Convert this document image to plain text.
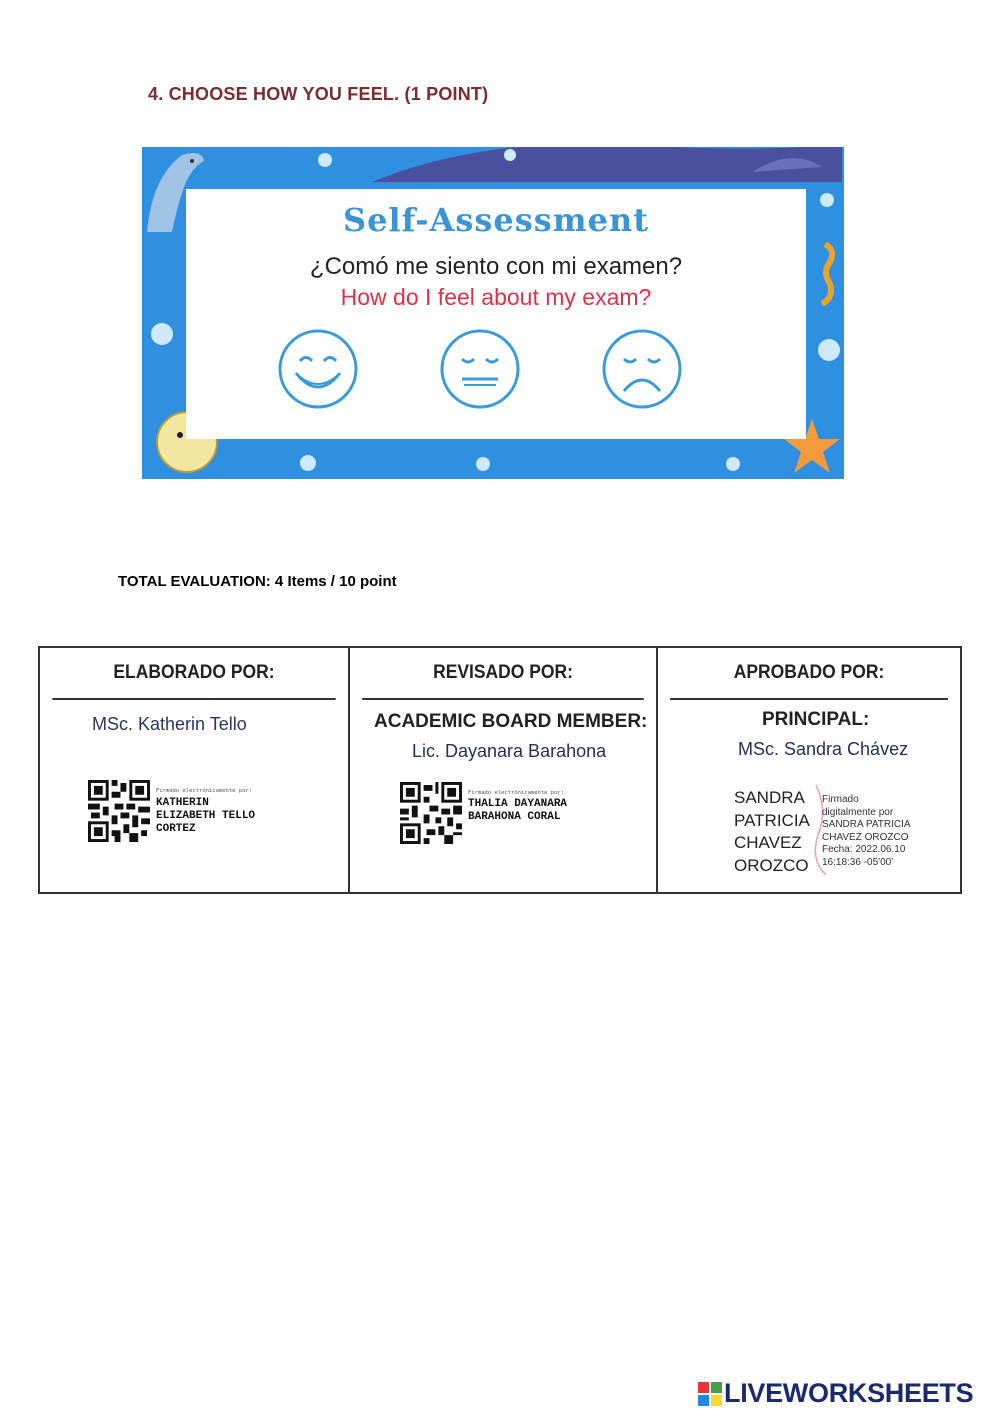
4. CHOOSE HOW YOU FEEL. (1 POINT)
Self-Assessment
¿Comó me siento con mi examen?
How do I feel about my exam?
TOTAL EVALUATION: 4 Items / 10 point
ELABORADO POR:
MSc. Katherin Tello
Firmado electrónicamente por:
KATHERIN
ELIZABETH TELLO
CORTEZ
REVISADO POR:
ACADEMIC BOARD MEMBER:
Lic. Dayanara Barahona
Firmado electrónicamente por:
THALIA DAYANARA
BARAHONA CORAL
APROBADO POR:
PRINCIPAL:
MSc. Sandra Chávez
SANDRA
PATRICIA
CHAVEZ
OROZCO
Firmado
digitalmente por
SANDRA PATRICIA
CHAVEZ OROZCO
Fecha: 2022.06.10
16:18:36 -05'00'
LIVEWORKSHEETS
